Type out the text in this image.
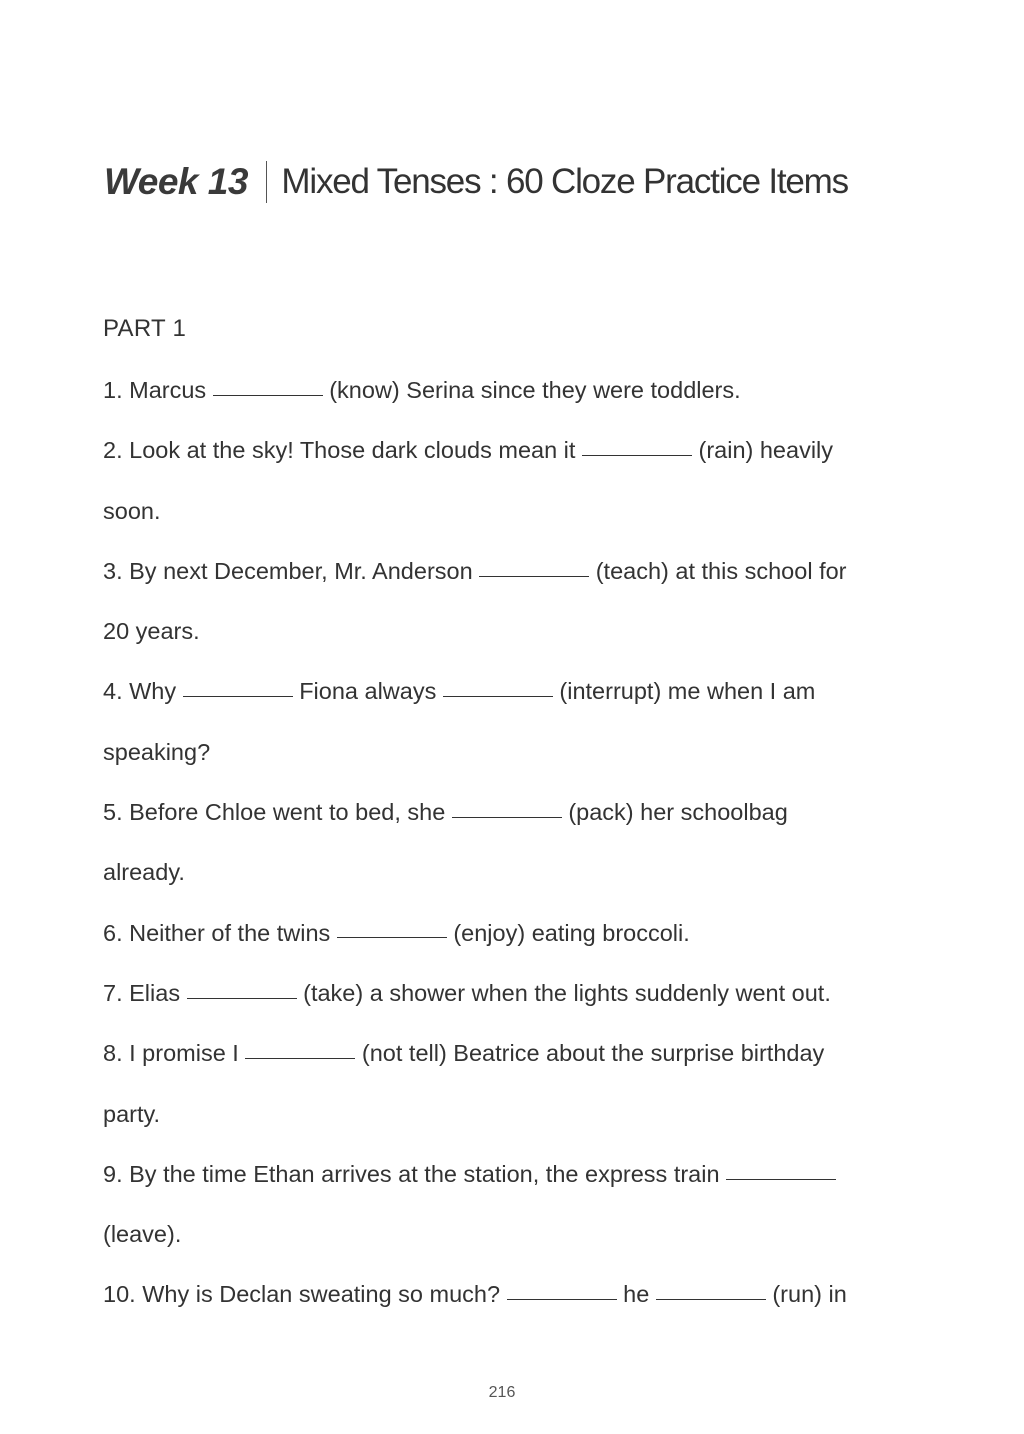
Week 13 Mixed Tenses : 60 Cloze Practice Items
PART 1
1. Marcus	(know) Serina since they were toddlers.
2. Look at the sky! Those dark clouds mean it	(rain) heavily
soon.
3. By next December, Mr. Anderson	(teach) at this school for
20 years.
4. Why	Fiona always	(interrupt) me when I am
speaking?
5. Before Chloe went to bed, she	(pack) her schoolbag
already.
6. Neither of the twins	(enjoy) eating broccoli.
7. Elias	(take) a shower when the lights suddenly went out.
8. I promise I	(not tell) Beatrice about the surprise birthday
party.
9. By the time Ethan arrives at the station, the express train
(leave).
10. Why is Declan sweating so much?	he	(run) in
216
